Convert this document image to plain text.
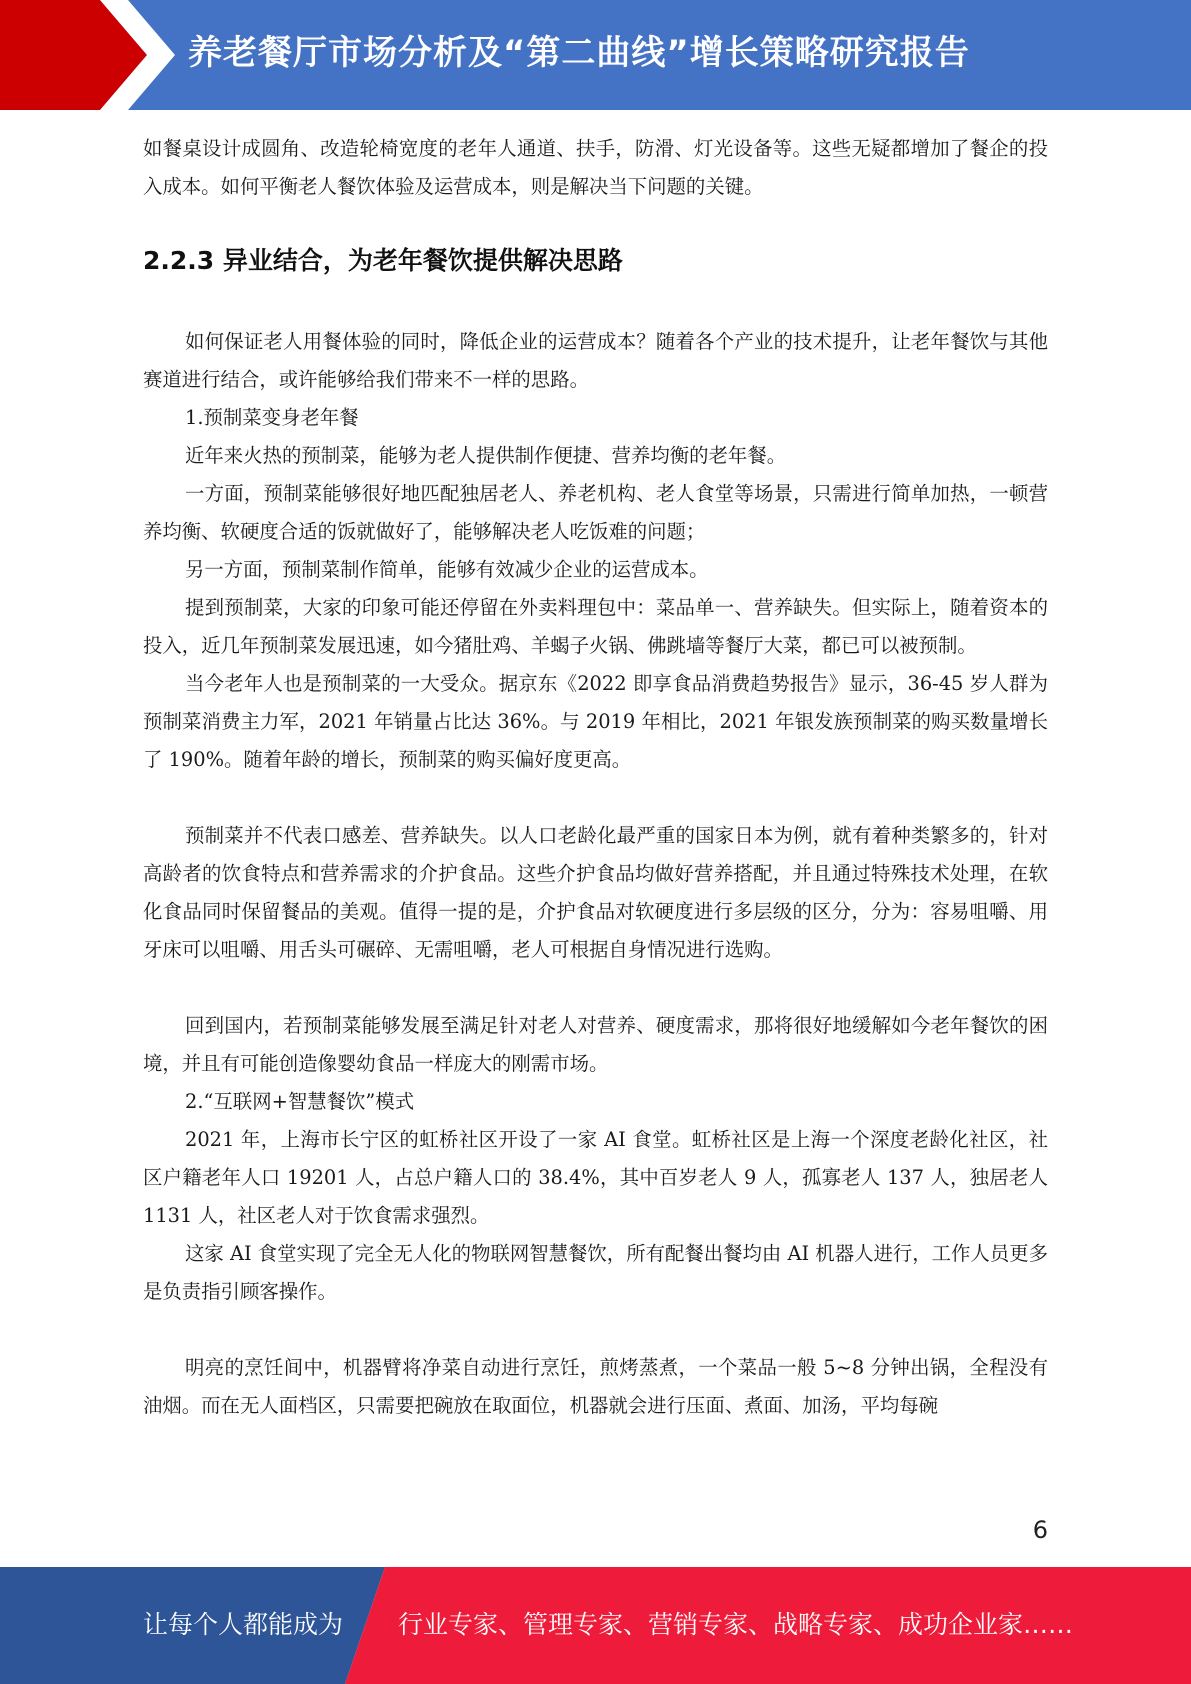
养老餐厅市场分析及“第二曲线”增长策略研究报告

如餐桌设计成圆角、改造轮椅宽度的老年人通道、扶手，防滑、灯光设备等。这些无疑都增加了餐企的投入成本。如何平衡老人餐饮体验及运营成本，则是解决当下问题的关键。

2.2.3 异业结合，为老年餐饮提供解决思路

如何保证老人用餐体验的同时，降低企业的运营成本？随着各个产业的技术提升，让老年餐饮与其他赛道进行结合，或许能够给我们带来不一样的思路。

1.预制菜变身老年餐

近年来火热的预制菜，能够为老人提供制作便捷、营养均衡的老年餐。

一方面，预制菜能够很好地匹配独居老人、养老机构、老人食堂等场景，只需进行简单加热，一顿营养均衡、软硬度合适的饭就做好了，能够解决老人吃饭难的问题；

另一方面，预制菜制作简单，能够有效减少企业的运营成本。

提到预制菜，大家的印象可能还停留在外卖料理包中：菜品单一、营养缺失。但实际上，随着资本的投入，近几年预制菜发展迅速，如今猪肚鸡、羊蝎子火锅、佛跳墙等餐厅大菜，都已可以被预制。

当今老年人也是预制菜的一大受众。据京东《2022 即享食品消费趋势报告》显示，36-45 岁人群为预制菜消费主力军，2021 年销量占比达 36%。与 2019 年相比，2021 年银发族预制菜的购买数量增长了 190%。随着年龄的增长，预制菜的购买偏好度更高。

预制菜并不代表口感差、营养缺失。以人口老龄化最严重的国家日本为例，就有着种类繁多的，针对高龄者的饮食特点和营养需求的介护食品。这些介护食品均做好营养搭配，并且通过特殊技术处理，在软化食品同时保留餐品的美观。值得一提的是，介护食品对软硬度进行多层级的区分，分为：容易咀嚼、用牙床可以咀嚼、用舌头可碾碎、无需咀嚼，老人可根据自身情况进行选购。

回到国内，若预制菜能够发展至满足针对老人对营养、硬度需求，那将很好地缓解如今老年餐饮的困境，并且有可能创造像婴幼食品一样庞大的刚需市场。

2.“互联网+智慧餐饮”模式

2021 年，上海市长宁区的虹桥社区开设了一家 AI 食堂。虹桥社区是上海一个深度老龄化社区，社区户籍老年人口 19201 人，占总户籍人口的 38.4%，其中百岁老人 9 人，孤寡老人 137 人，独居老人 1131 人，社区老人对于饮食需求强烈。

这家 AI 食堂实现了完全无人化的物联网智慧餐饮，所有配餐出餐均由 AI 机器人进行，工作人员更多是负责指引顾客操作。

明亮的烹饪间中，机器臂将净菜自动进行烹饪，煎烤蒸煮，一个菜品一般 5~8 分钟出锅，全程没有油烟。而在无人面档区，只需要把碗放在取面位，机器就会进行压面、煮面、加汤，平均每碗

6
让每个人都能成为 行业专家、管理专家、营销专家、战略专家、成功企业家……
